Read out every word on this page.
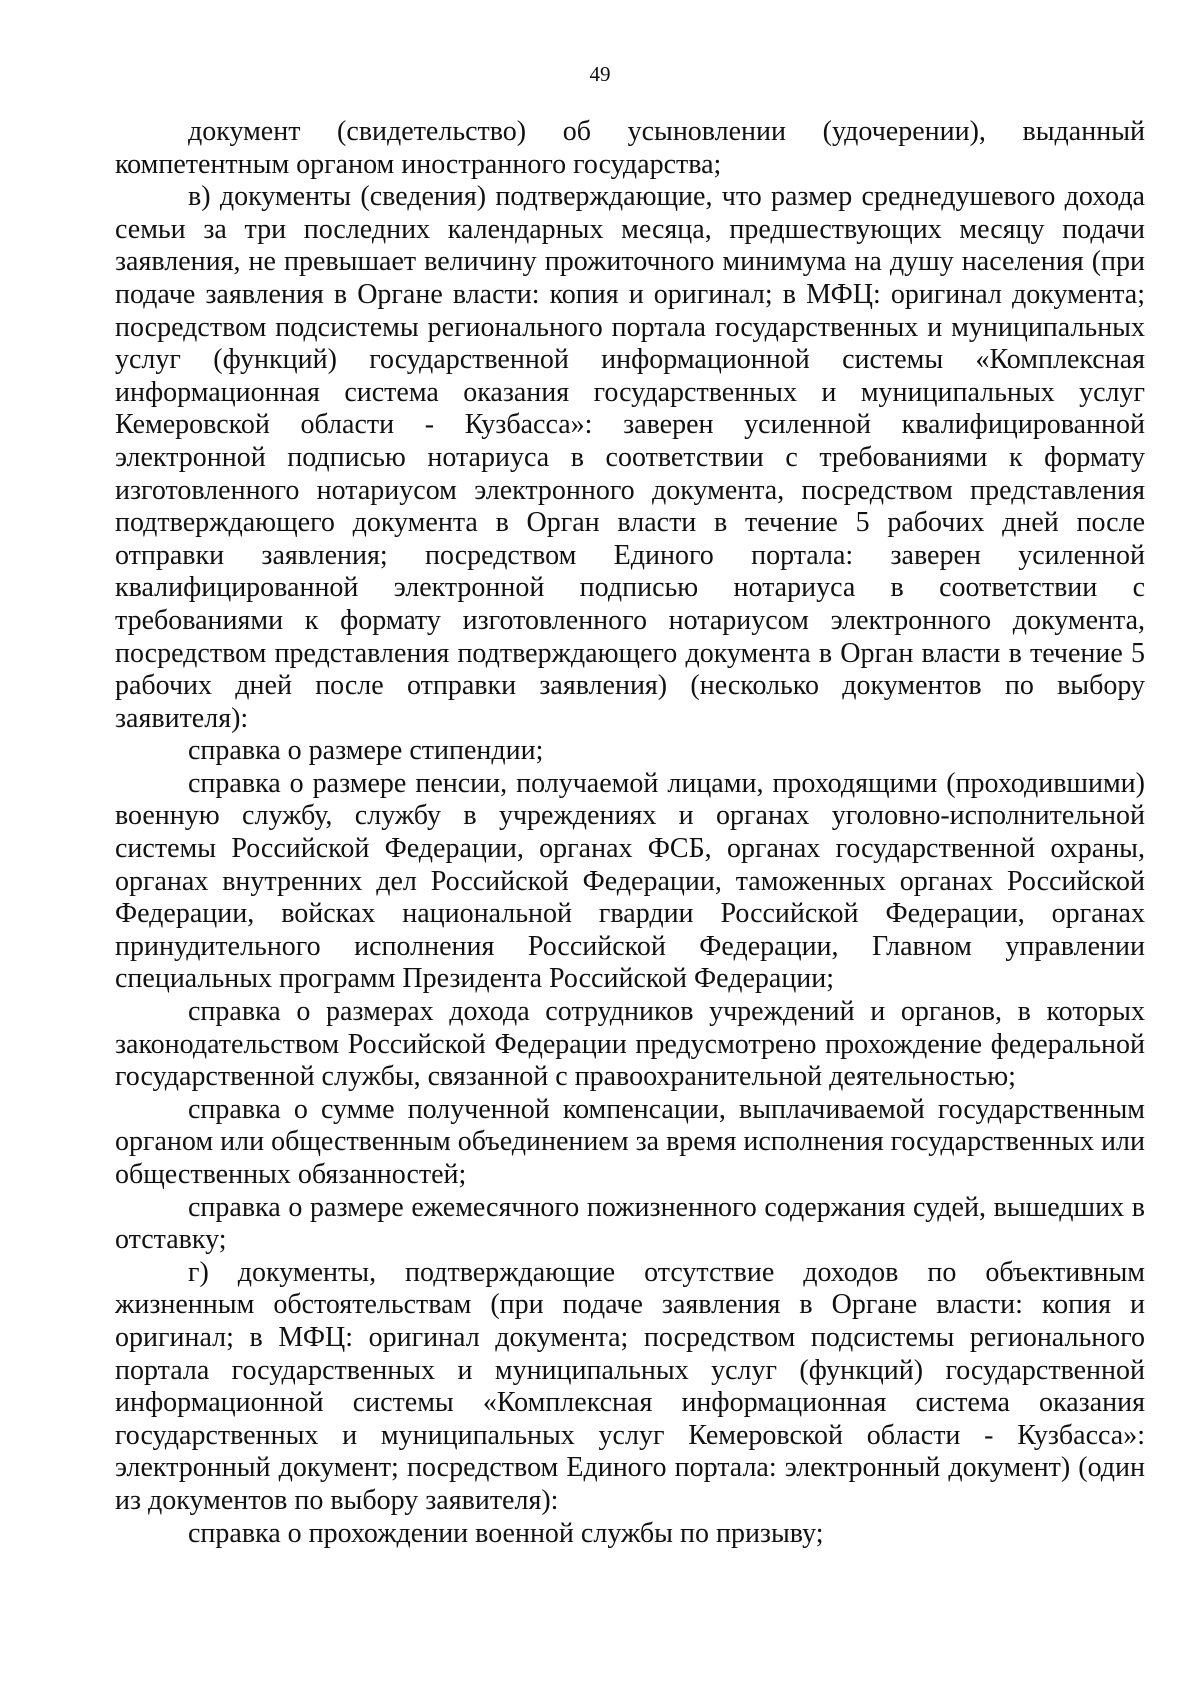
49

документ (свидетельство) об усыновлении (удочерении), выданный компетентным органом иностранного государства;

в) документы (сведения) подтверждающие, что размер среднедушевого дохода семьи за три последних календарных месяца, предшествующих месяцу подачи заявления, не превышает величину прожиточного минимума на душу населения (при подаче заявления в Органе власти: копия и оригинал; в МФЦ: оригинал документа; посредством подсистемы регионального портала государственных и муниципальных услуг (функций) государственной информационной системы «Комплексная информационная система оказания государственных и муниципальных услуг Кемеровской области - Кузбасса»: заверен усиленной квалифицированной электронной подписью нотариуса в соответствии с требованиями к формату изготовленного нотариусом электронного документа, посредством представления подтверждающего документа в Орган власти в течение 5 рабочих дней после отправки заявления; посредством Единого портала: заверен усиленной квалифицированной электронной подписью нотариуса в соответствии с требованиями к формату изготовленного нотариусом электронного документа, посредством представления подтверждающего документа в Орган власти в течение 5 рабочих дней после отправки заявления) (несколько документов по выбору заявителя):

справка о размере стипендии;

справка о размере пенсии, получаемой лицами, проходящими (проходившими) военную службу, службу в учреждениях и органах уголовно-исполнительной системы Российской Федерации, органах ФСБ, органах государственной охраны, органах внутренних дел Российской Федерации, таможенных органах Российской Федерации, войсках национальной гвардии Российской Федерации, органах принудительного исполнения Российской Федерации, Главном управлении специальных программ Президента Российской Федерации;

справка о размерах дохода сотрудников учреждений и органов, в которых законодательством Российской Федерации предусмотрено прохождение федеральной государственной службы, связанной с правоохранительной деятельностью;

справка о сумме полученной компенсации, выплачиваемой государственным органом или общественным объединением за время исполнения государственных или общественных обязанностей;

справка о размере ежемесячного пожизненного содержания судей, вышедших в отставку;

г) документы, подтверждающие отсутствие доходов по объективным жизненным обстоятельствам (при подаче заявления в Органе власти: копия и оригинал; в МФЦ: оригинал документа; посредством подсистемы регионального портала государственных и муниципальных услуг (функций) государственной информационной системы «Комплексная информационная система оказания государственных и муниципальных услуг Кемеровской области - Кузбасса»: электронный документ; посредством Единого портала: электронный документ) (один из документов по выбору заявителя):

справка о прохождении военной службы по призыву;
